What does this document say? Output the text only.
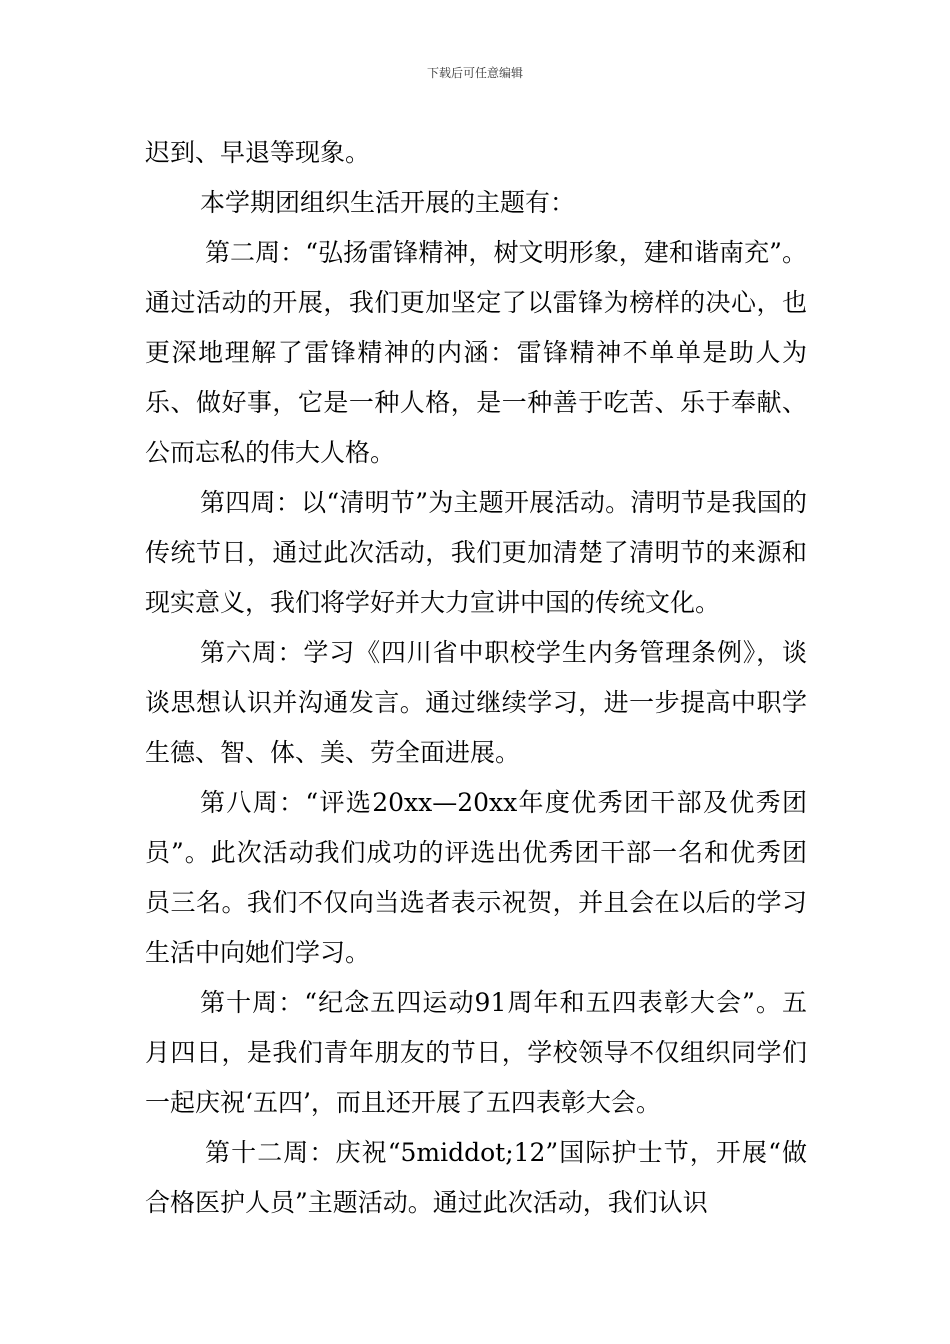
下载后可任意编辑

迟到、早退等现象。

本学期团组织生活开展的主题有：

第二周：“弘扬雷锋精神，树文明形象，建和谐南充”。通过活动的开展，我们更加坚定了以雷锋为榜样的决心，也更深地理解了雷锋精神的内涵：雷锋精神不单单是助人为乐、做好事，它是一种人格，是一种善于吃苦、乐于奉献、公而忘私的伟大人格。

第四周：以“清明节”为主题开展活动。清明节是我国的传统节日，通过此次活动，我们更加清楚了清明节的来源和现实意义，我们将学好并大力宣讲中国的传统文化。

第六周：学习《四川省中职校学生内务管理条例》，谈谈思想认识并沟通发言。通过继续学习，进一步提高中职学生德、智、体、美、劳全面进展。

第八周：“评选20xx—20xx年度优秀团干部及优秀团员”。此次活动我们成功的评选出优秀团干部一名和优秀团员三名。我们不仅向当选者表示祝贺，并且会在以后的学习生活中向她们学习。

第十周：“纪念五四运动91周年和五四表彰大会”。五月四日，是我们青年朋友的节日，学校领导不仅组织同学们一起庆祝‘五四’，而且还开展了五四表彰大会。

第十二周：庆祝“5middot;12”国际护士节，开展“做合格医护人员”主题活动。通过此次活动，我们认识
